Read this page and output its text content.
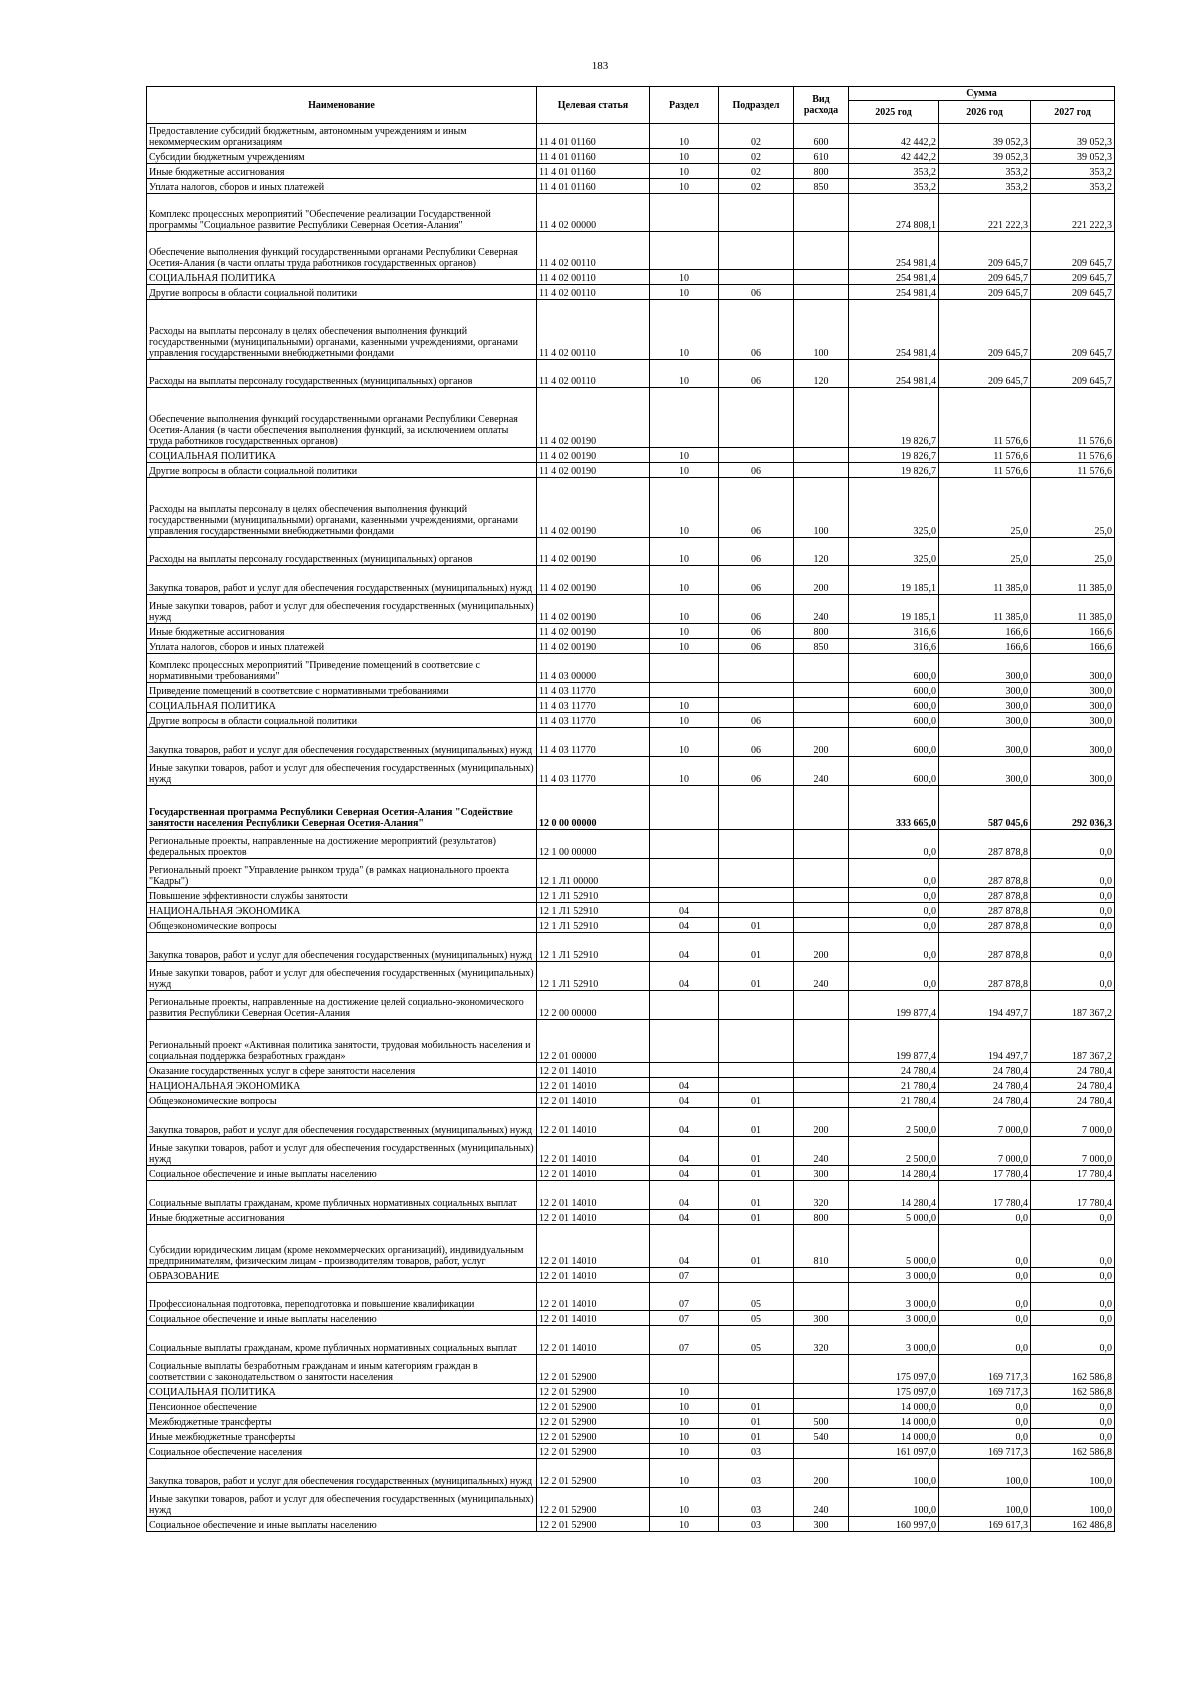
183
Наименование	Целевая статья	Раздел	Подраздел	Вид расхода	Сумма		
					2025 год	2026 год	2027 год
Предоставление субсидий бюджетным, автономным учреждениям и иным некоммерческим организациям	11 4 01 01160	10	02	600	42 442,2	39 052,3	39 052,3
Субсидии бюджетным учреждениям	11 4 01 01160	10	02	610	42 442,2	39 052,3	39 052,3
Иные бюджетные ассигнования	11 4 01 01160	10	02	800	353,2	353,2	353,2
Уплата налогов, сборов и иных платежей	11 4 01 01160	10	02	850	353,2	353,2	353,2
Комплекс процессных мероприятий "Обеспечение реализации Государственной программы "Социальное развитие Республики Северная Осетия-Алания"	11 4 02 00000				274 808,1	221 222,3	221 222,3
Обеспечение выполнения функций государственными органами Республики Северная Осетия-Алания (в части оплаты труда работников государственных органов)	11 4 02 00110				254 981,4	209 645,7	209 645,7
СОЦИАЛЬНАЯ ПОЛИТИКА	11 4 02 00110	10			254 981,4	209 645,7	209 645,7
Другие вопросы в области социальной политики	11 4 02 00110	10	06		254 981,4	209 645,7	209 645,7
Расходы на выплаты персоналу в целях обеспечения выполнения функций государственными (муниципальными) органами, казенными учреждениями, органами управления государственными внебюджетными фондами	11 4 02 00110	10	06	100	254 981,4	209 645,7	209 645,7
Расходы на выплаты персоналу государственных (муниципальных) органов	11 4 02 00110	10	06	120	254 981,4	209 645,7	209 645,7
Обеспечение выполнения функций государственными органами Республики Северная Осетия-Алания (в части обеспечения выполнения функций, за исключением оплаты труда работников государственных органов)	11 4 02 00190				19 826,7	11 576,6	11 576,6
СОЦИАЛЬНАЯ ПОЛИТИКА	11 4 02 00190	10			19 826,7	11 576,6	11 576,6
Другие вопросы в области социальной политики	11 4 02 00190	10	06		19 826,7	11 576,6	11 576,6
Расходы на выплаты персоналу в целях обеспечения выполнения функций государственными (муниципальными) органами, казенными учреждениями, органами управления государственными внебюджетными фондами	11 4 02 00190	10	06	100	325,0	25,0	25,0
Расходы на выплаты персоналу государственных (муниципальных) органов	11 4 02 00190	10	06	120	325,0	25,0	25,0
Закупка товаров, работ и услуг для обеспечения государственных (муниципальных) нужд	11 4 02 00190	10	06	200	19 185,1	11 385,0	11 385,0
Иные закупки товаров, работ и услуг для обеспечения государственных (муниципальных) нужд	11 4 02 00190	10	06	240	19 185,1	11 385,0	11 385,0
Иные бюджетные ассигнования	11 4 02 00190	10	06	800	316,6	166,6	166,6
Уплата налогов, сборов и иных платежей	11 4 02 00190	10	06	850	316,6	166,6	166,6
Комплекс процессных мероприятий "Приведение помещений в соответсвие с нормативными требованиями"	11 4 03 00000				600,0	300,0	300,0
Приведение помещений в соответсвие с нормативными требованиями	11 4 03 11770				600,0	300,0	300,0
СОЦИАЛЬНАЯ ПОЛИТИКА	11 4 03 11770	10			600,0	300,0	300,0
Другие вопросы в области социальной политики	11 4 03 11770	10	06		600,0	300,0	300,0
Закупка товаров, работ и услуг для обеспечения государственных (муниципальных) нужд	11 4 03 11770	10	06	200	600,0	300,0	300,0
Иные закупки товаров, работ и услуг для обеспечения государственных (муниципальных) нужд	11 4 03 11770	10	06	240	600,0	300,0	300,0
Государственная программа Республики Северная Осетия-Алания "Содействие занятости населения Республики Северная Осетия-Алания"	12 0 00 00000				333 665,0	587 045,6	292 036,3
Региональные проекты, направленные на достижение мероприятий (результатов) федеральных проектов	12 1 00 00000				0,0	287 878,8	0,0
Региональный проект "Управление рынком труда" (в рамках национального проекта "Кадры")	12 1 Л1 00000				0,0	287 878,8	0,0
Повышение эффективности службы занятости	12 1 Л1 52910				0,0	287 878,8	0,0
НАЦИОНАЛЬНАЯ ЭКОНОМИКА	12 1 Л1 52910	04			0,0	287 878,8	0,0
Общеэкономические вопросы	12 1 Л1 52910	04	01		0,0	287 878,8	0,0
Закупка товаров, работ и услуг для обеспечения государственных (муниципальных) нужд	12 1 Л1 52910	04	01	200	0,0	287 878,8	0,0
Иные закупки товаров, работ и услуг для обеспечения государственных (муниципальных) нужд	12 1 Л1 52910	04	01	240	0,0	287 878,8	0,0
Региональные проекты, направленные на достижение целей социально-экономического развития Республики Северная Осетия-Алания	12 2 00 00000				199 877,4	194 497,7	187 367,2
Региональный проект «Активная политика занятости, трудовая мобильность населения и социальная поддержка безработных граждан»	12 2 01 00000				199 877,4	194 497,7	187 367,2
Оказание государственных услуг в сфере занятости населения	12 2 01 14010				24 780,4	24 780,4	24 780,4
НАЦИОНАЛЬНАЯ ЭКОНОМИКА	12 2 01 14010	04			21 780,4	24 780,4	24 780,4
Общеэкономические вопросы	12 2 01 14010	04	01		21 780,4	24 780,4	24 780,4
Закупка товаров, работ и услуг для обеспечения государственных (муниципальных) нужд	12 2 01 14010	04	01	200	2 500,0	7 000,0	7 000,0
Иные закупки товаров, работ и услуг для обеспечения государственных (муниципальных) нужд	12 2 01 14010	04	01	240	2 500,0	7 000,0	7 000,0
Социальное обеспечение и иные выплаты населению	12 2 01 14010	04	01	300	14 280,4	17 780,4	17 780,4
Социальные выплаты гражданам, кроме публичных нормативных социальных выплат	12 2 01 14010	04	01	320	14 280,4	17 780,4	17 780,4
Иные бюджетные ассигнования	12 2 01 14010	04	01	800	5 000,0	0,0	0,0
Субсидии юридическим лицам (кроме некоммерческих организаций), индивидуальным предпринимателям, физическим лицам - производителям товаров, работ, услуг	12 2 01 14010	04	01	810	5 000,0	0,0	0,0
ОБРАЗОВАНИЕ	12 2 01 14010	07			3 000,0	0,0	0,0
Профессиональная подготовка, переподготовка и повышение квалификации	12 2 01 14010	07	05		3 000,0	0,0	0,0
Социальное обеспечение и иные выплаты населению	12 2 01 14010	07	05	300	3 000,0	0,0	0,0
Социальные выплаты гражданам, кроме публичных нормативных социальных выплат	12 2 01 14010	07	05	320	3 000,0	0,0	0,0
Социальные выплаты безработным гражданам и иным категориям граждан в соответствии с законодательством о занятости населения	12 2 01 52900				175 097,0	169 717,3	162 586,8
СОЦИАЛЬНАЯ ПОЛИТИКА	12 2 01 52900	10			175 097,0	169 717,3	162 586,8
Пенсионное обеспечение	12 2 01 52900	10	01		14 000,0	0,0	0,0
Межбюджетные трансферты	12 2 01 52900	10	01	500	14 000,0	0,0	0,0
Иные межбюджетные трансферты	12 2 01 52900	10	01	540	14 000,0	0,0	0,0
Социальное обеспечение населения	12 2 01 52900	10	03		161 097,0	169 717,3	162 586,8
Закупка товаров, работ и услуг для обеспечения государственных (муниципальных) нужд	12 2 01 52900	10	03	200	100,0	100,0	100,0
Иные закупки товаров, работ и услуг для обеспечения государственных (муниципальных) нужд	12 2 01 52900	10	03	240	100,0	100,0	100,0
Социальное обеспечение и иные выплаты населению	12 2 01 52900	10	03	300	160 997,0	169 617,3	162 486,8
